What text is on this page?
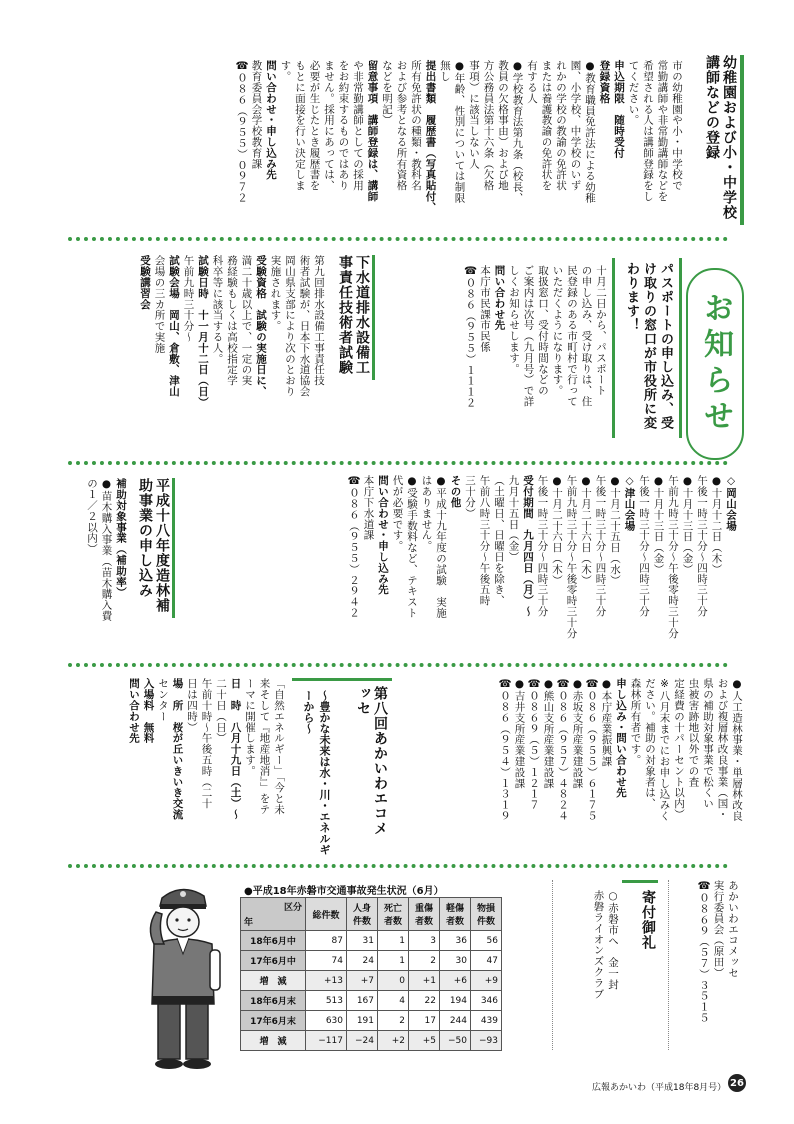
幼稚園および小・中学校講師などの登録

市の幼稚園や小・中学校で

常勤講師や非常勤講師などを

希望される人は講師登録をし

てください。

申込期限　随時受付

登録資格

●教育職員免許法による幼稚

園、小学校、中学校のいず

れかの学校の教諭の免許状

または養護教諭の免許状を

有する人

●学校教育法第九条（校長、

教員の欠格事由）および地

方公務員法第十六条（欠格

事項）に該当しない人

●年齢、性別については制限

無し

提出書類　履歴書（写真貼付、

所有免許状の種類・教科名

および参考となる所有資格

などを明記）

留意事項　講師登録は、講師

や非常勤講師としての採用

をお約束するものではあり

ません。採用にあっては、

必要が生じたとき履歴書を

もとに面接を行い決定しま

す。

問い合わせ・申し込み先

教育委員会学校教育課

☎０８６（９５５）０９７２

お知らせ
パスポートの申し込み、受け取りの窓口が市役所に変わります！

十月二日から、パスポート

の申し込み、受け取りは、住

民登録のある市町村で行って

いただくようになります。

取扱窓口、受付時間などの

ご案内は次号（九月号）で詳

しくお知らせします。

問い合わせ先

本庁市民課市民係

☎０８６（９５５）１１１２

下水道排水設備工事責任技術者試験

第九回排水設備工事責任技

術者試験が、日本下水道協会

岡山県支部により次のとおり

実施されます。

受験資格　試験の実施日に、

満二十歳以上で、一定の実

務経験もしくは高校指定学

科卒等に該当する人。

試験日時　十一月十二日（日）

午前九時三十分～

試験会場　岡山、倉敷、津山

会場の三カ所で実施

受験講習会

◇岡山会場

●十月十二日（木）

午後一時三十分～四時三十分

●十月十三日（金）

午前九時三十分～午後零時三十分

●十月十三日（金）

午後一時三十分～四時三十分

◇津山会場

●十月二十五日（水）

午後一時三十分～四時三十分

●十月二十六日（木）

午前九時三十分～午後零時三十分

●十月二十六日（木）

午後一時三十分～四時三十分

受付期間　九月四日（月）～

九月十五日（金）

（土曜日、日曜日を除き、

午前八時三十分～午後五時

三十分）

その他

●平成十九年度の試験　実施

はありません。

●受験手数料など、テキスト

代が必要です。

問い合わせ・申し込み先

本庁下水道課

☎０８６（９５５）２９４２

平成十八年度造林補助事業の申し込み

補助対象事業（補助率）

●苗木購入事業（苗木購入費

の１／２以内）

●人工造林事業・単層林改良

および複層林改良事業（国・

県の補助対象事業で松くい

虫被害跡地以外での査

定経費の十パーセント以内）

※八月末までにお申し込みく

ださい。補助の対象者は、

森林所有者です。

申し込み・問い合わせ先

●本庁産業振興課

☎０８６（９５５）６１７５

●赤坂支所産業建設課

☎０８６（９５７）４８２４

●熊山支所産業建設課

☎０８６９（５）１２１７

●吉井支所産業建設課

☎０８６（９５４）１３１９

第八回あかいわエコメッセ
～豊かな未来は水・川・エネルギーから～

「自然エネルギー」「今と未

来そして『地産地消』」をテ

ーマに開催します。

日　時　八月十九日（土）～

二十日（日）

午前十時～午後五時（二十

日は四時）

場　所　桜が丘いきいき交流

センター

入場料　無料

問い合わせ先

あかいわエコメッセ

実行委員会（原田）

☎０８６９（５７）３５１５

寄付御礼

○赤磐市へ　金一封

赤磐ライオンズクラブ

●平成18年赤磐市交通事故発生状況（6月）
区分
年	総件数	人身件数	死亡者数	重傷者数	軽傷者数	物損件数
18年6月中	87	31	1	3	36	56
17年6月中	74	24	1	2	30	47
増　減	+13	+7	0	+1	+6	+9
18年6月末	513	167	4	22	194	346
17年6月末	630	191	2	17	244	439
増　減	−117	−24	+2	+5	−50	−93
広報あかいわ（平成18年8月号） 26
